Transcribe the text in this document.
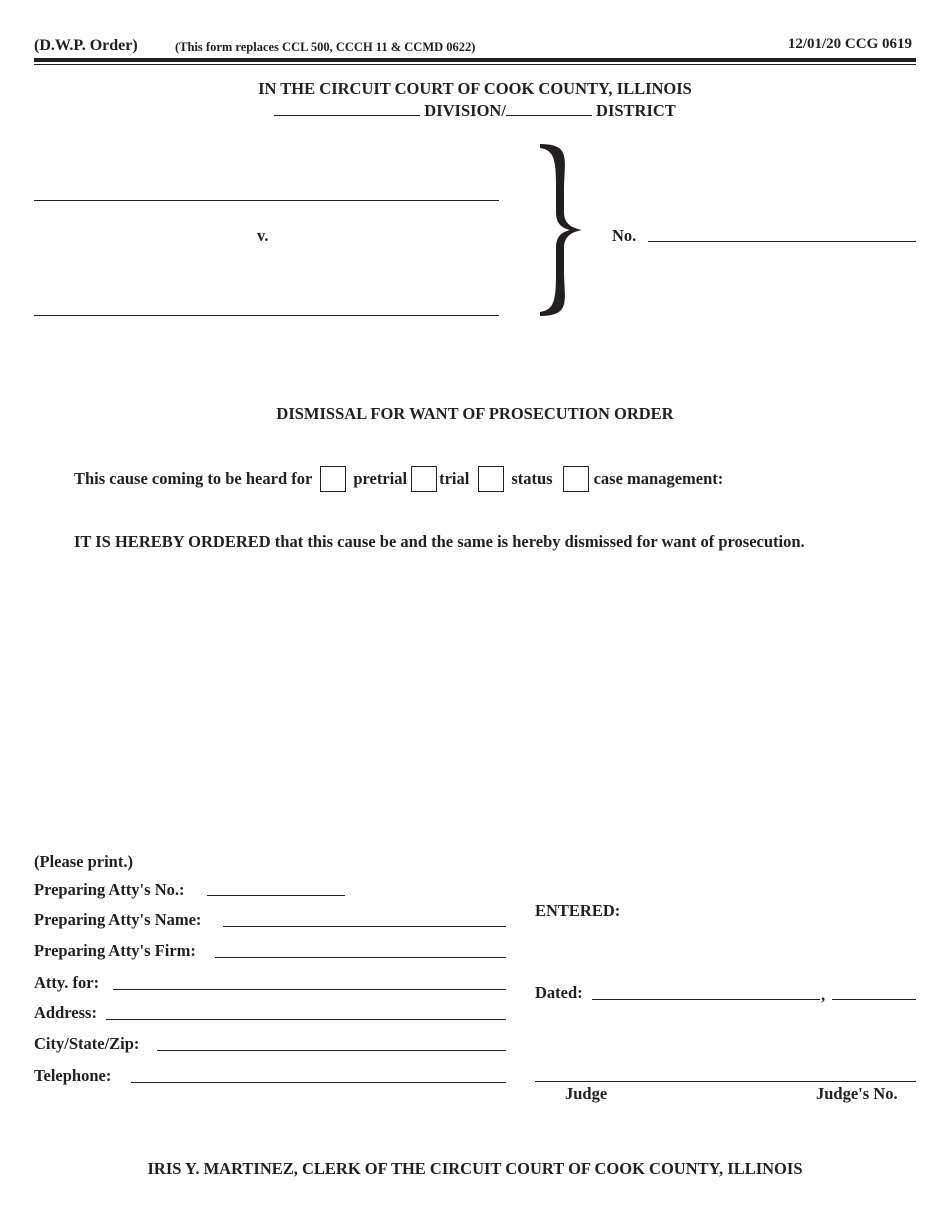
(D.W.P. Order)	(This form replaces CCL 500, CCCH 11 & CCMD 0622)	12/01/20 CCG 0619
IN THE CIRCUIT COURT OF COOK COUNTY, ILLINOIS
DIVISION/	DISTRICT
v.	No.
DISMISSAL FOR WANT OF PROSECUTION ORDER
This cause coming to be heard for pretrial trial	status case management:
IT IS HEREBY ORDERED that this cause be and the same is hereby dismissed for want of prosecution.
(Please print.)
Preparing Atty's No.:
Preparing Atty's Name:
Preparing Atty's Firm:
Atty. for:
Address:
City/State/Zip:
Telephone:
ENTERED:
Dated:	,
Judge	Judge's No.
IRIS Y. MARTINEZ, CLERK OF THE CIRCUIT COURT OF COOK COUNTY, ILLINOIS
